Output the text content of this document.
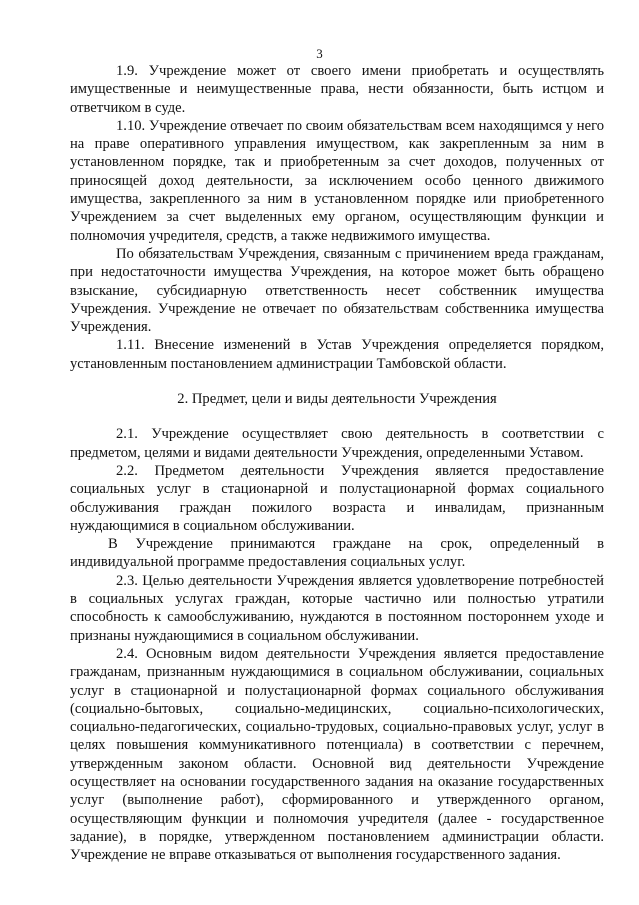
3

1.9. Учреждение может от своего имени приобретать и осуществлять имущественные и неимущественные права, нести обязанности, быть истцом и ответчиком в суде.

1.10. Учреждение отвечает по своим обязательствам всем находящимся у него на праве оперативного управления имуществом, как закрепленным за ним в установленном порядке, так и приобретенным за счет доходов, полученных от приносящей доход деятельности, за исключением особо ценного движимого имущества, закрепленного за ним в установленном порядке или приобретенного Учреждением за счет выделенных ему органом, осуществляющим функции и полномочия учредителя, средств, а также недвижимого имущества.

По обязательствам Учреждения, связанным с причинением вреда гражданам, при недостаточности имущества Учреждения, на которое может быть обращено взыскание, субсидиарную ответственность несет собственник имущества Учреждения. Учреждение не отвечает по обязательствам собственника имущества Учреждения.

1.11. Внесение изменений в Устав Учреждения определяется порядком, установленным постановлением администрации Тамбовской области.

2. Предмет, цели и виды деятельности Учреждения

2.1. Учреждение осуществляет свою деятельность в соответствии с предметом, целями и видами деятельности Учреждения, определенными Уставом.

2.2. Предметом деятельности Учреждения является предоставление социальных услуг в стационарной и полустационарной формах социального обслуживания граждан пожилого возраста и инвалидам, признанным нуждающимися в социальном обслуживании.

В Учреждение принимаются граждане на срок, определенный в индивидуальной программе предоставления социальных услуг.

2.3. Целью деятельности Учреждения является удовлетворение потребностей в социальных услугах граждан, которые частично или полностью утратили способность к самообслуживанию, нуждаются в постоянном постороннем уходе и признаны нуждающимися в социальном обслуживании.

2.4. Основным видом деятельности Учреждения является предоставление гражданам, признанным нуждающимися в социальном обслуживании, социальных услуг в стационарной и полустационарной формах социального обслуживания (социально-бытовых, социально-медицинских, социально-психологических, социально-педагогических, социально-трудовых, социально-правовых услуг, услуг в целях повышения коммуникативного потенциала) в соответствии с перечнем, утвержденным законом области. Основной вид деятельности Учреждение осуществляет на основании государственного задания на оказание государственных услуг (выполнение работ), сформированного и утвержденного органом, осуществляющим функции и полномочия учредителя (далее - государственное задание), в порядке, утвержденном постановлением администрации области. Учреждение не вправе отказываться от выполнения государственного задания.
